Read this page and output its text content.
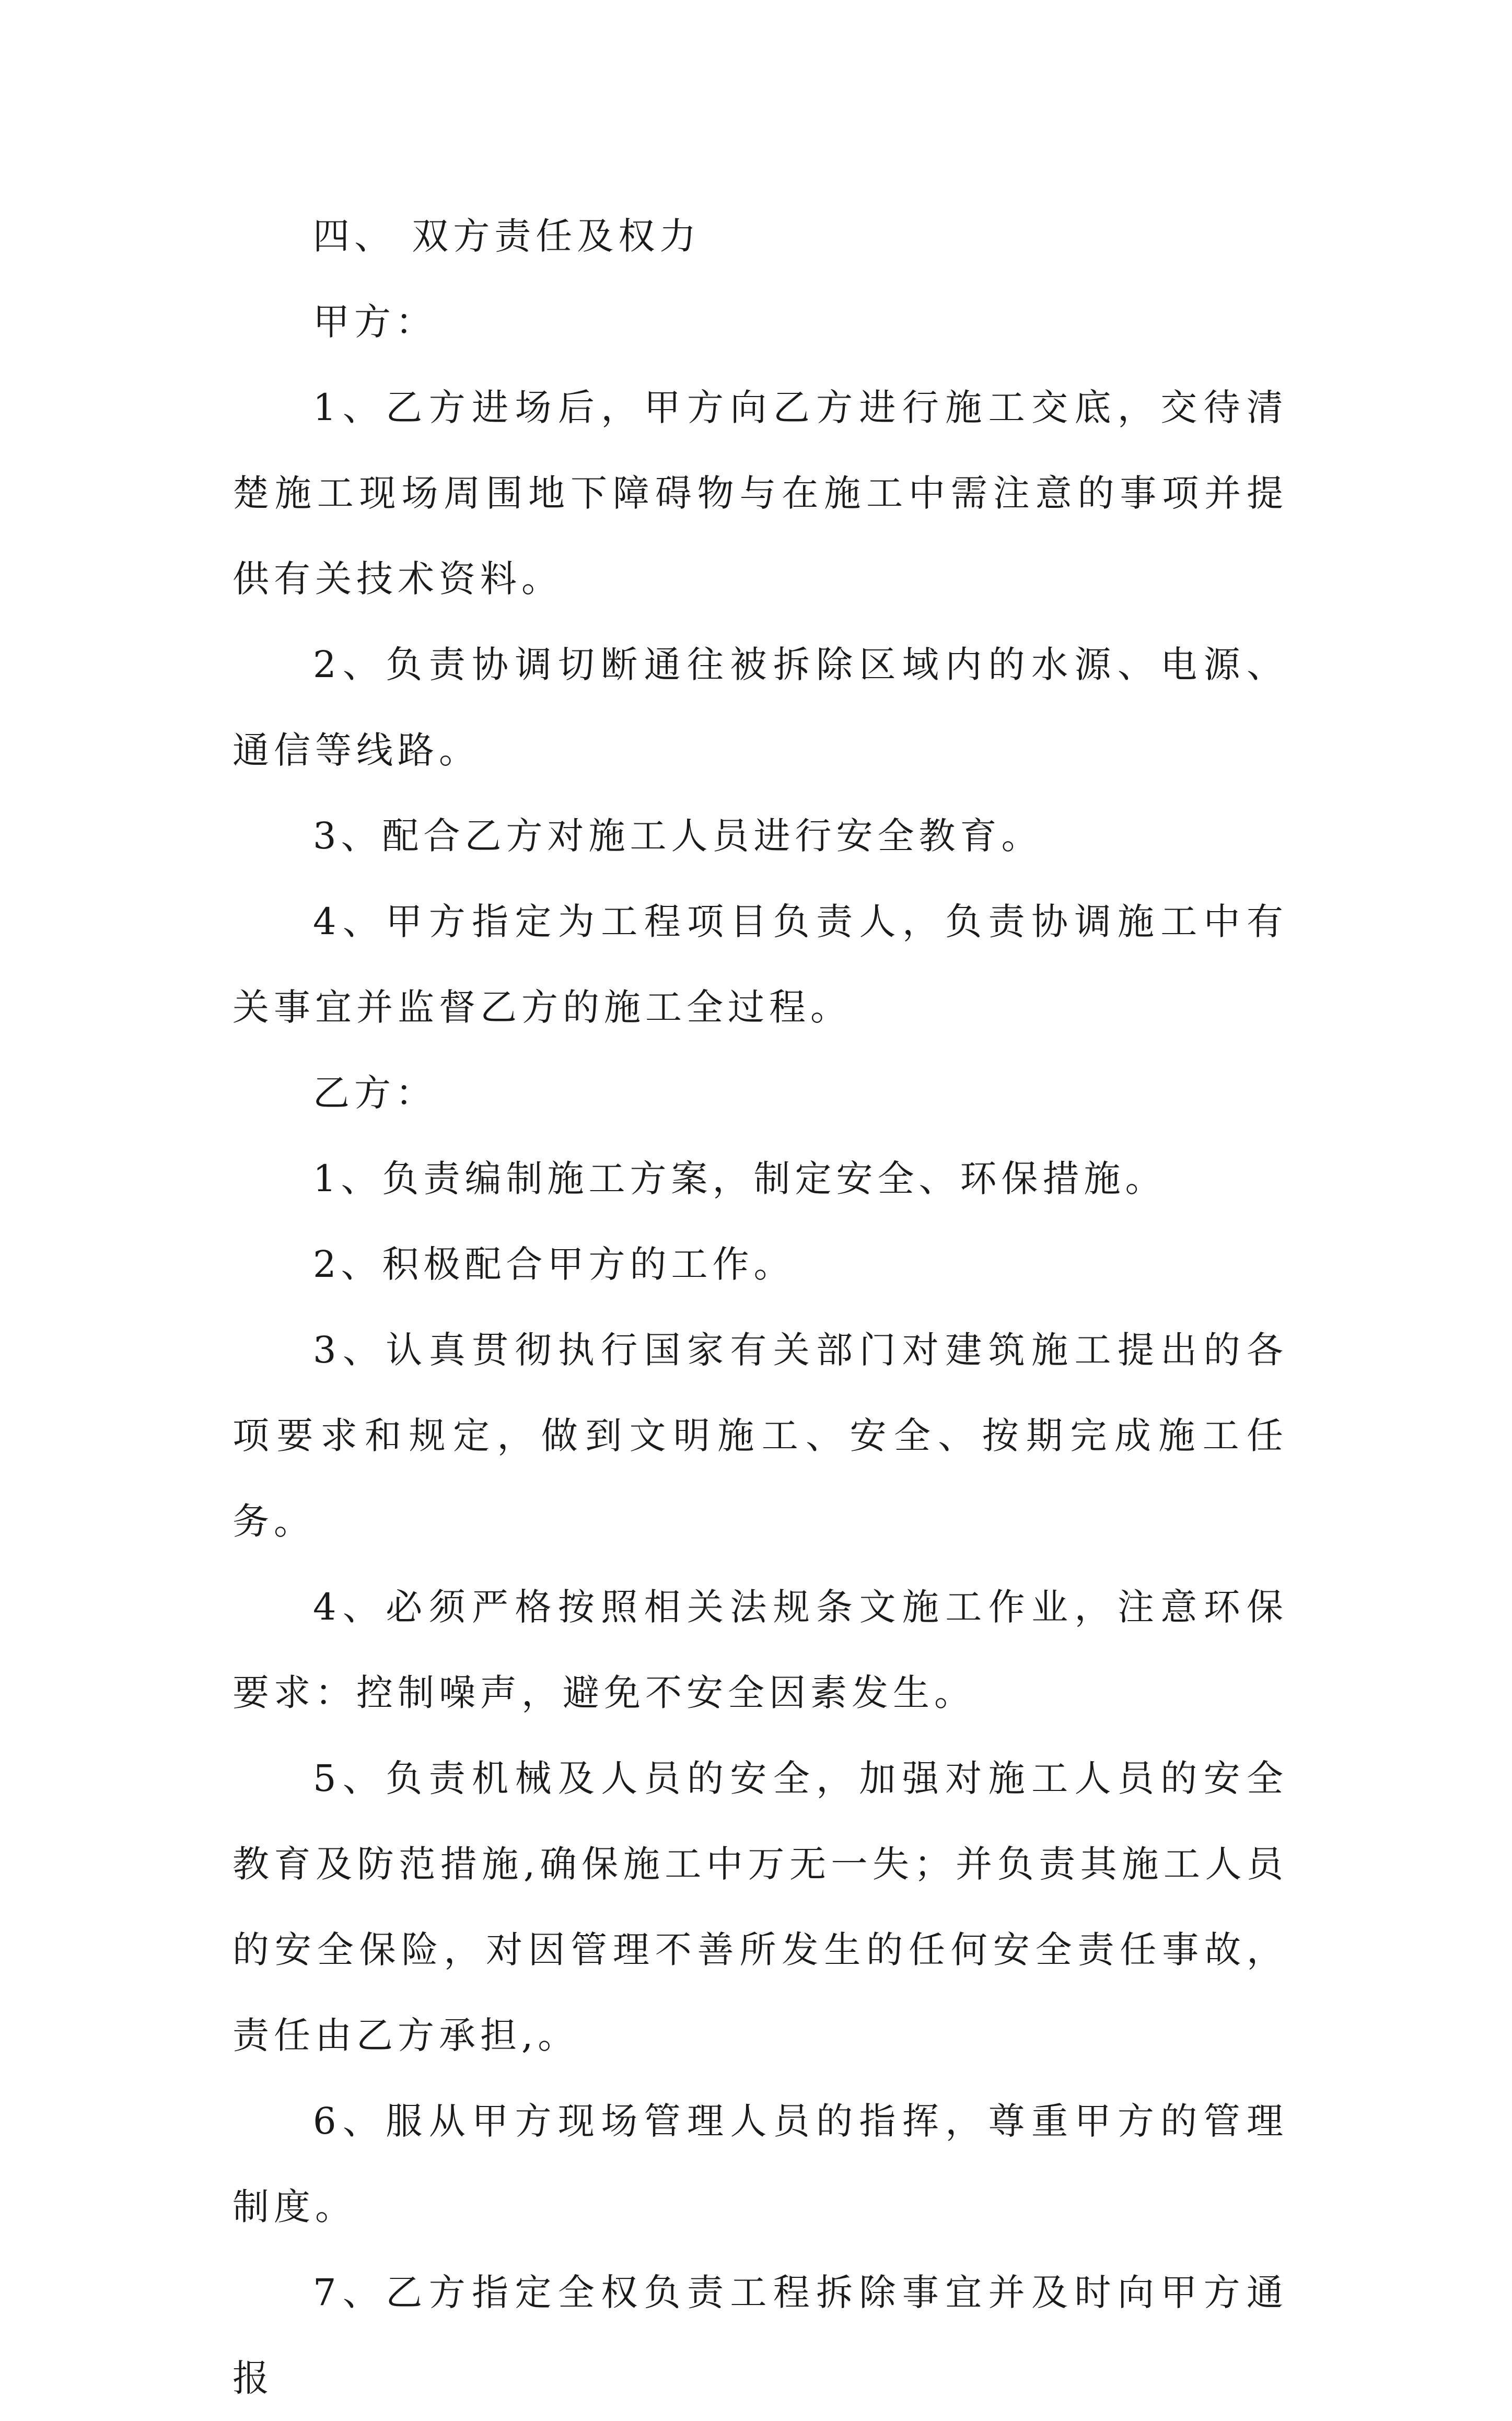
四、 双方责任及权力

甲方：

1、乙方进场后，甲方向乙方进行施工交底，交待清楚施工现场周围地下障碍物与在施工中需注意的事项并提供有关技术资料。

2、负责协调切断通往被拆除区域内的水源、电源、通信等线路。

3、配合乙方对施工人员进行安全教育。

4、甲方指定为工程项目负责人，负责协调施工中有关事宜并监督乙方的施工全过程。

乙方：

1、负责编制施工方案，制定安全、环保措施。

2、积极配合甲方的工作。

3、认真贯彻执行国家有关部门对建筑施工提出的各项要求和规定，做到文明施工、安全、按期完成施工任务。

4、必须严格按照相关法规条文施工作业，注意环保要求：控制噪声，避免不安全因素发生。

5、负责机械及人员的安全，加强对施工人员的安全教育及防范措施,确保施工中万无一失；并负责其施工人员的安全保险，对因管理不善所发生的任何安全责任事故，责任由乙方承担,。

6、服从甲方现场管理人员的指挥，尊重甲方的管理制度。

7、乙方指定全权负责工程拆除事宜并及时向甲方通报
